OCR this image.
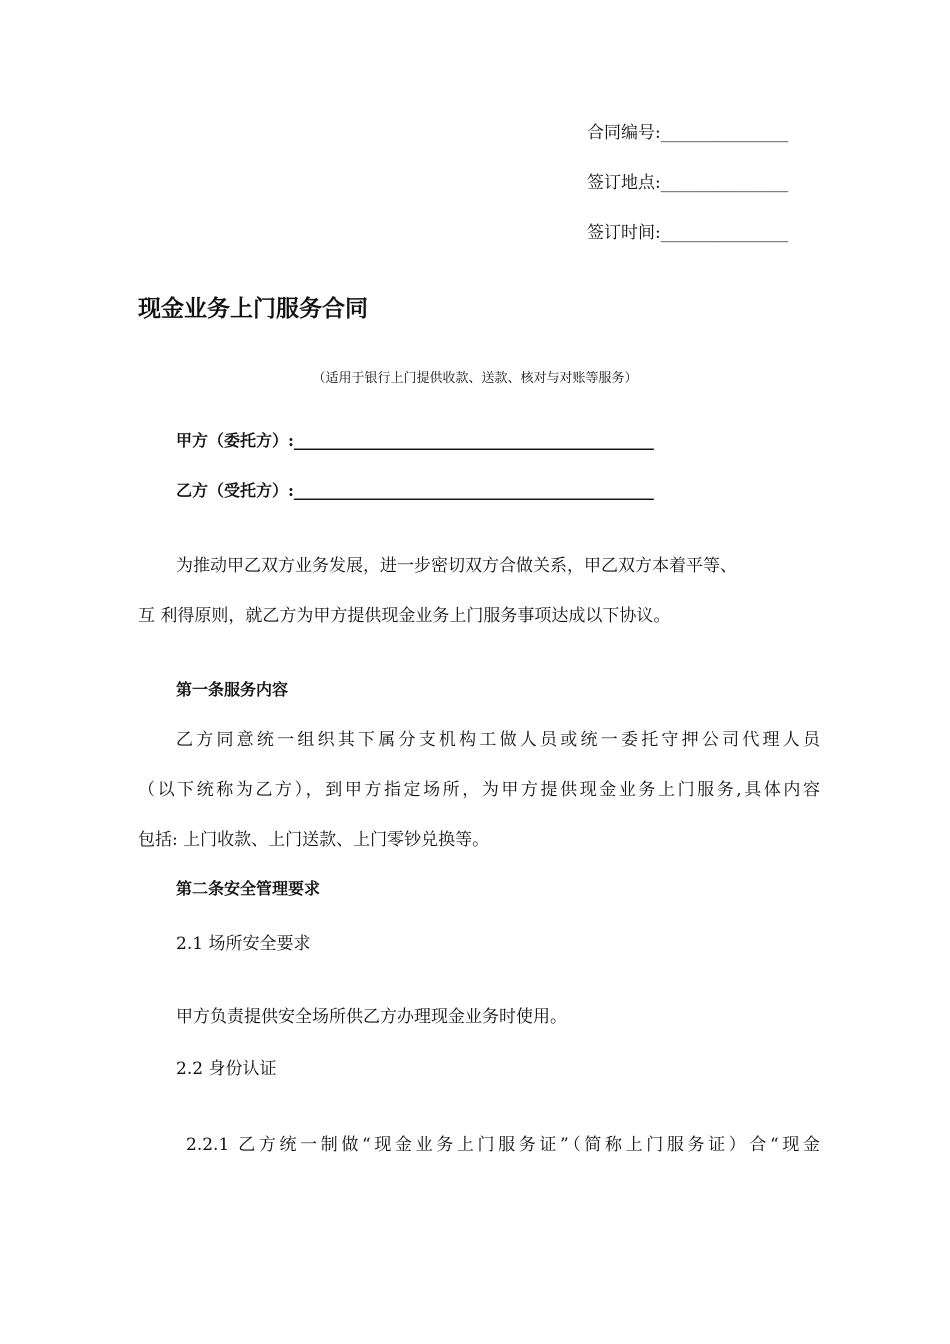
合同编号:_______________
签订地点:_______________
签订时间:_______________
现金业务上门服务合同
（适用于银行上门提供收款、送款、核对与对账等服务）
甲方（委托方）:_____________________________________________
乙方（受托方）:_____________________________________________
为推动甲乙双方业务发展，进一步密切双方合做关系，甲乙双方本着平等、
互 利得原则，就乙方为甲方提供现金业务上门服务事项达成以下协议。
第一条服务内容
乙方同意统一组织其下属分支机构工做人员或统一委托守押公司代理人员
（以下统称为乙方），到甲方指定场所，为甲方提供现金业务上门服务,具体内容
包括: 上门收款、上门送款、上门零钞兑换等。
第二条安全管理要求
2.1 场所安全要求
甲方负责提供安全场所供乙方办理现金业务时使用。
2.2 身份认证
2.2.1 乙方统一制做“现金业务上门服务证”（简称上门服务证）合“现金
